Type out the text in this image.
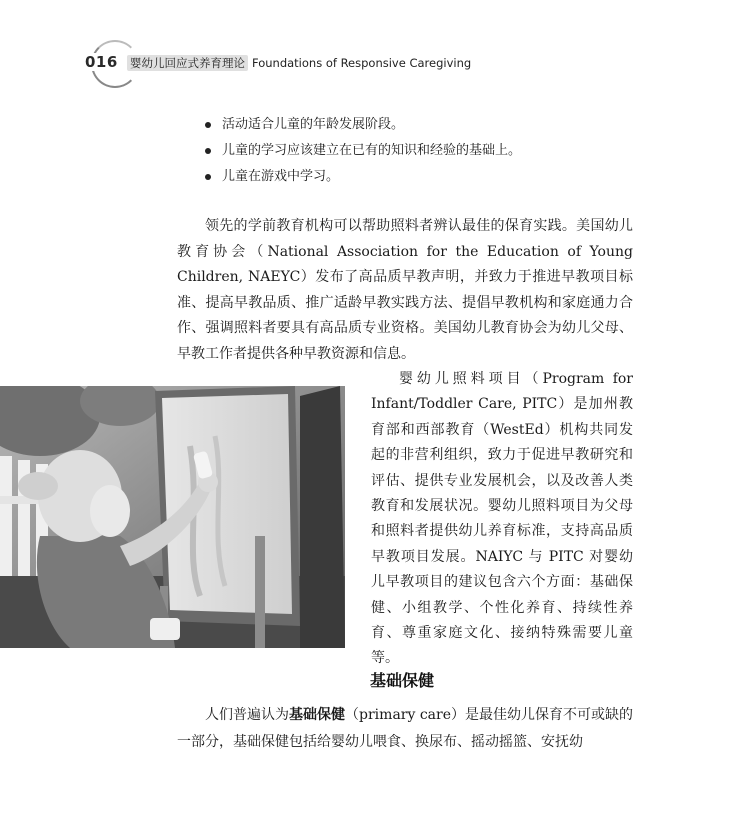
016	婴幼儿回应式养育理论 Foundations of Responsive Caregiving
活动适合儿童的年龄发展阶段。
儿童的学习应该建立在已有的知识和经验的基础上。
儿童在游戏中学习。

领先的学前教育机构可以帮助照料者辨认最佳的保育实践。美国幼儿教育协会（National Association for the Education of Young Children, NAEYC）发布了高品质早教声明，并致力于推进早教项目标准、提高早教品质、推广适龄早教实践方法、提倡早教机构和家庭通力合作、强调照料者要具有高品质专业资格。美国幼儿教育协会为幼儿父母、早教工作者提供各种早教资源和信息。

婴幼儿照料项目（Program for Infant/Toddler Care, PITC）是加州教育部和西部教育（WestEd）机构共同发起的非营利组织，致力于促进早教研究和评估、提供专业发展机会，以及改善人类教育和发展状况。婴幼儿照料项目为父母和照料者提供幼儿养育标准，支持高品质早教项目发展。NAIYC 与 PITC 对婴幼儿早教项目的建议包含六个方面：基础保健、小组教学、个性化养育、持续性养育、尊重家庭文化、接纳特殊需要儿童等。

基础保健

人们普遍认为基础保健（primary care）是最佳幼儿保育不可或缺的一部分，基础保健包括给婴幼儿喂食、换尿布、摇动摇篮、安抚幼
